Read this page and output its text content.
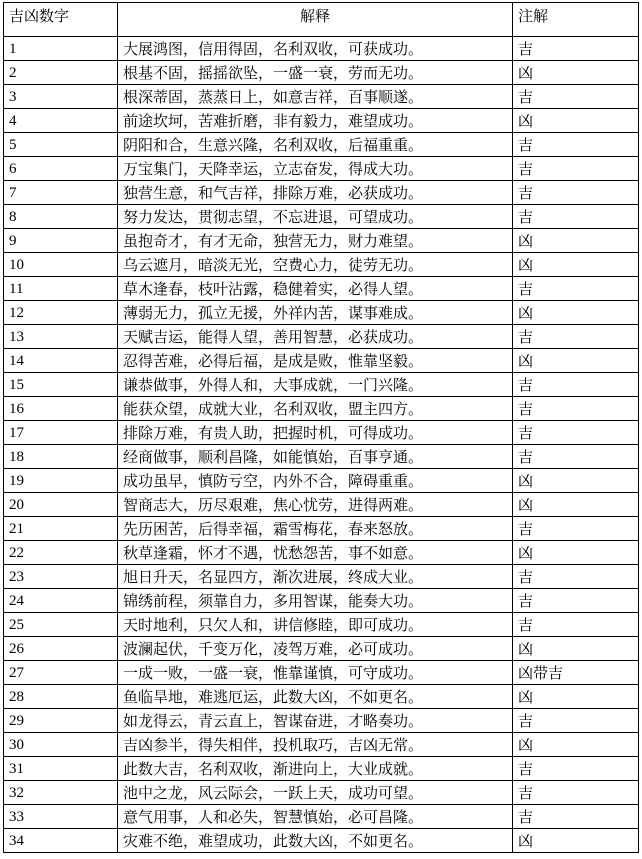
吉凶数字	解释	注解
1	大展鸿图，信用得固，名利双收，可获成功。	吉
2	根基不固，摇摇欲坠，一盛一衰，劳而无功。	凶
3	根深蒂固，蒸蒸日上，如意吉祥，百事顺遂。	吉
4	前途坎坷，苦难折磨，非有毅力，难望成功。	凶
5	阴阳和合，生意兴隆，名利双收，后福重重。	吉
6	万宝集门，天降幸运，立志奋发，得成大功。	吉
7	独营生意，和气吉祥，排除万难，必获成功。	吉
8	努力发达，贯彻志望，不忘进退，可望成功。	吉
9	虽抱奇才，有才无命，独营无力，财力难望。	凶
10	乌云遮月，暗淡无光，空费心力，徒劳无功。	凶
11	草木逢春，枝叶沾露，稳健着实，必得人望。	吉
12	薄弱无力，孤立无援，外祥内苦，谋事难成。	凶
13	天赋吉运，能得人望，善用智慧，必获成功。	吉
14	忍得苦难，必得后福，是成是败，惟靠坚毅。	凶
15	谦恭做事，外得人和，大事成就，一门兴隆。	吉
16	能获众望，成就大业，名利双收，盟主四方。	吉
17	排除万难，有贵人助，把握时机，可得成功。	吉
18	经商做事，顺利昌隆，如能慎始，百事亨通。	吉
19	成功虽早，慎防亏空，内外不合，障碍重重。	凶
20	智商志大，历尽艰难，焦心忧劳，进得两难。	凶
21	先历困苦，后得幸福，霜雪梅花，春来怒放。	吉
22	秋草逢霜，怀才不遇，忧愁怨苦，事不如意。	凶
23	旭日升天，名显四方，渐次进展，终成大业。	吉
24	锦绣前程，须靠自力，多用智谋，能奏大功。	吉
25	天时地利，只欠人和，讲信修睦，即可成功。	吉
26	波澜起伏，千变万化，凌驾万难，必可成功。	凶
27	一成一败，一盛一衰，惟靠谨慎，可守成功。	凶带吉
28	鱼临旱地，难逃厄运，此数大凶，不如更名。	凶
29	如龙得云，青云直上，智谋奋进，才略奏功。	吉
30	吉凶参半，得失相伴，投机取巧，吉凶无常。	凶
31	此数大吉，名利双收，渐进向上，大业成就。	吉
32	池中之龙，风云际会，一跃上天，成功可望。	吉
33	意气用事，人和必失，智慧慎始，必可昌隆。	吉
34	灾难不绝，难望成功，此数大凶，不如更名。	凶
